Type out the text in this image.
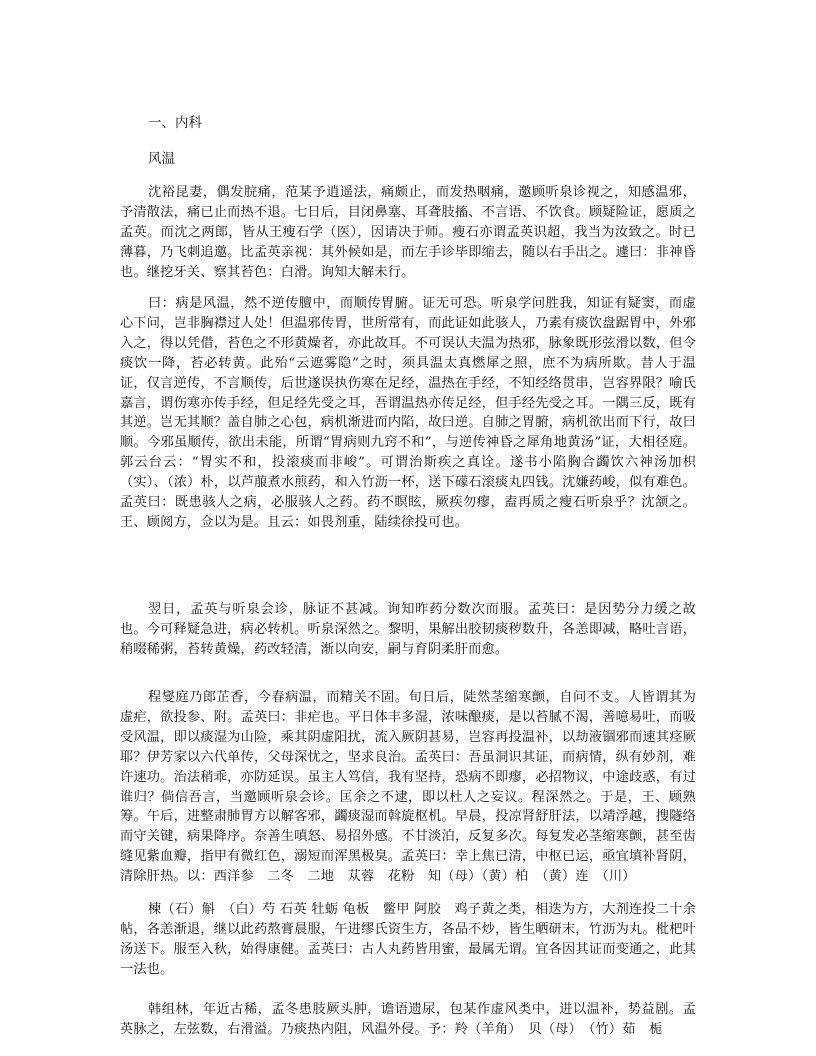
一、内科
风温

沈裕昆妻，偶发脘痛，范某予逍遥法，痛颇止，而发热咽痛，邀顾听泉诊视之，知感温邪，予清散法，痛已止而热不退。七日后，目闭鼻塞、耳聋肢搐、不言语、不饮食。顾疑险证，愿质之孟英。而沈之两郎，皆从王瘦石学（医），因请决于师。瘦石亦谓孟英识超，我当为汝致之。时已薄暮，乃飞刺追邀。比孟英亲视：其外候如是，而左手诊毕即缩去，随以右手出之。遽曰：非神昏也。继挖牙关、察其苔色：白滑。询知大解未行。

曰：病是风温，然不逆传膻中，而顺传胃腑。证无可恐。听泉学问胜我，知证有疑窦，而虚心下问，岂非胸襟过人处！但温邪传胃，世所常有，而此证如此骇人，乃素有痰饮盘踞胃中，外邪入之，得以凭借，苔色之不形黄燥者，亦此故耳。不可误认夫温为热邪，脉象既形弦滑以数，但令痰饮一降，苔必转黄。此殆“云遮雾隐”之时，须具温太真燃犀之照，庶不为病所欺。昔人于温证，仅言逆传，不言顺传，后世遂误执伤寒在足经，温热在手经，不知经络贯串，岂容界限？喻氏嘉言，谓伤寒亦传手经，但足经先受之耳，吾谓温热亦传足经，但手经先受之耳。一隅三反，既有其逆。岂无其顺？盖自肺之心包，病机渐进而内陷，故曰逆。自肺之胃腑，病机欲出而下行，故曰顺。今邪虽顺传，欲出未能，所谓“胃病则九窍不和”，与逆传神昏之犀角地黄汤”证，大相径庭。郭云台云：“胃实不和，投滚痰而非峻”。可谓治斯疾之真诠。遂书小陷胸合蠲饮六神汤加枳（实）、（浓）朴，以芦菔煮水煎药，和入竹沥一杯，送下礞石滚痰丸四钱。沈嫌药峻，似有难色。孟英曰：既患骇人之病，必服骇人之药。药不瞑眩，厥疾勿瘳，盍再质之瘦石听泉乎？沈颔之。王、顾阅方，佥以为是。且云：如畏剂重，陆续徐投可也。

翌日，孟英与听泉会诊，脉证不甚减。询知昨药分数次而服。孟英曰：是因势分力缓之故也。今可释疑急进，病必转机。听泉深然之。黎明，果解出胶韧痰秽数升，各恙即减，略吐言语，稍啜稀粥，苔转黄燥，药改轻清，渐以向安，嗣与育阴柔肝而愈。

程燮庭乃郎芷香，今春病温，而精关不固。旬日后，陡然茎缩寒颤，自问不支。人皆谓其为虚疟，欲投参、附。孟英曰：非疟也。平日体丰多湿，浓味酿痰，是以苔腻不渴，善噫易吐，而吸受风温，即以痰湿为山险，乘其阴虚阳扰，流入厥阴甚易，岂容再投温补，以劫液锢邪而速其痉厥耶？伊芳家以六代单传，父母深忧之，坚求良治。孟英曰：吾虽洞识其证，而病情，纵有妙剂，难许速功。治法稍乖，亦防延误。虽主人笃信，我有坚持，恐病不即瘳，必招物议，中途歧惑，有过谁归？倘信吾言，当邀顾听泉会诊。匡余之不逮，即以杜人之妄议。程深然之。于是，王、顾熟筹。午后，进整肃肺胃方以解客邪，蠲痰湿而斡旋枢机。早晨，投凉肾舒肝法，以靖浮越，搜隧络而守关键，病果降序。奈善生嗔怒、易招外感。不甘淡泊，反复多次。每复发必茎缩寒颤，甚至齿缝见紫血瓣，指甲有微红色，溺短而浑黑极臭。孟英曰：幸上焦已清，中枢已运，亟宜填补肾阴，清除肝热。以：西洋参　二冬　二地　苁蓉　花粉　知（母）（黄）柏　（黄）连　（川）

楝（石）斛　（白）芍 石英 牡蛎 龟板　鳖甲 阿胶　鸡子黄之类，相迭为方，大剂连投二十余帖，各恙渐退，继以此药熬膏晨服，午进缪氏资生方，各品不炒，皆生晒研末，竹沥为丸。枇杷叶汤送下。服至入秋，始得康健。孟英曰：古人丸药皆用蜜，最属无谓。宜各因其证而变通之，此其一法也。

韩组林，年近古稀，孟冬患肢厥头肿，谵语遗尿，包某作虚风类中，进以温补，势益剧。孟英脉之，左弦数，右滑溢。乃痰热内阻，风温外侵。予：羚（羊角）　贝（母）　（竹）茹　栀
